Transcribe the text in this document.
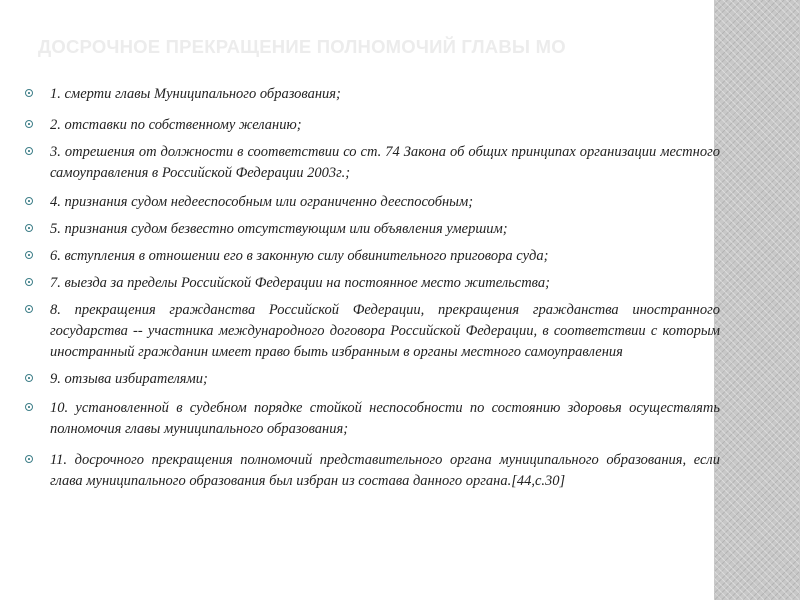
ДОСРОЧНОЕ ПРЕКРАЩЕНИЕ ПОЛНОМОЧИЙ ГЛАВЫ МО
1. смерти главы Муниципального образования;
2. отставки по собственному желанию;
3. отрешения от должности в соответствии со ст. 74 Закона об общих принципах организации местного самоуправления в Российской Федерации 2003г.;
4. признания судом недееспособным или ограниченно дееспособным;
5. признания судом безвестно отсутствующим или объявления умершим;
6. вступления в отношении его в законную силу обвинительного приговора суда;
7. выезда за пределы Российской Федерации на постоянное место жительства;
8. прекращения гражданства Российской Федерации, прекращения гражданства иностранного государства -- участника международного договора Российской Федерации, в соответствии с которым иностранный гражданин имеет право быть избранным в органы местного самоуправления
9. отзыва избирателями;
10. установленной в судебном порядке стойкой неспособности по состоянию здоровья осуществлять полномочия главы муниципального образования;
11. досрочного прекращения полномочий представительного органа муниципального образования, если глава муниципального образования был избран из состава данного органа.[44,с.30]
